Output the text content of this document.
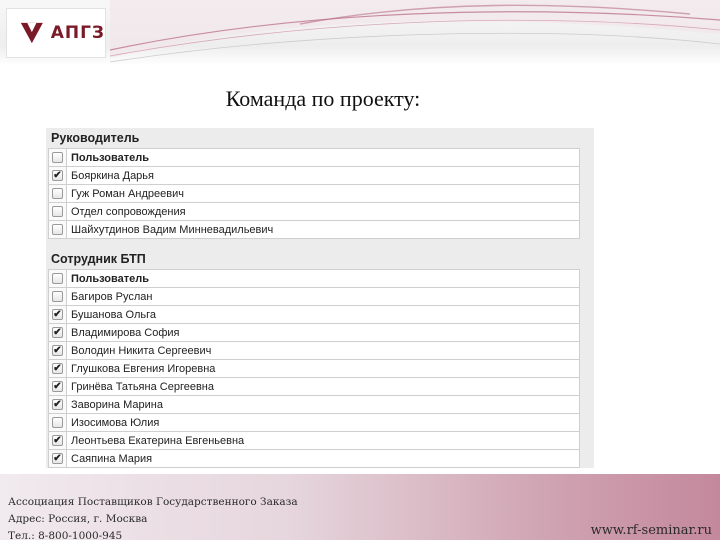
АПГЗ
Команда по проекту:
Руководитель
Пользователь
✔ Бояркина Дарья
Гуж Роман Андреевич
Отдел сопровождения
Шайхутдинов Вадим Минневадильевич
Сотрудник БТП
Пользователь
Багиров Руслан
✔ Бушанова Ольга
✔ Владимирова София
✔ Володин Никита Сергеевич
✔ Глушкова Евгения Игоревна
✔ Гринёва Татьяна Сергеевна
✔ Заворина Марина
Изосимова Юлия
✔ Леонтьева Екатерина Евгеньевна
✔ Саяпина Мария
Ассоциация Поставщиков Государственного Заказа
Адрес: Россия, г. Москва
Тел.: 8-800-1000-945	www.rf-seminar.ru
